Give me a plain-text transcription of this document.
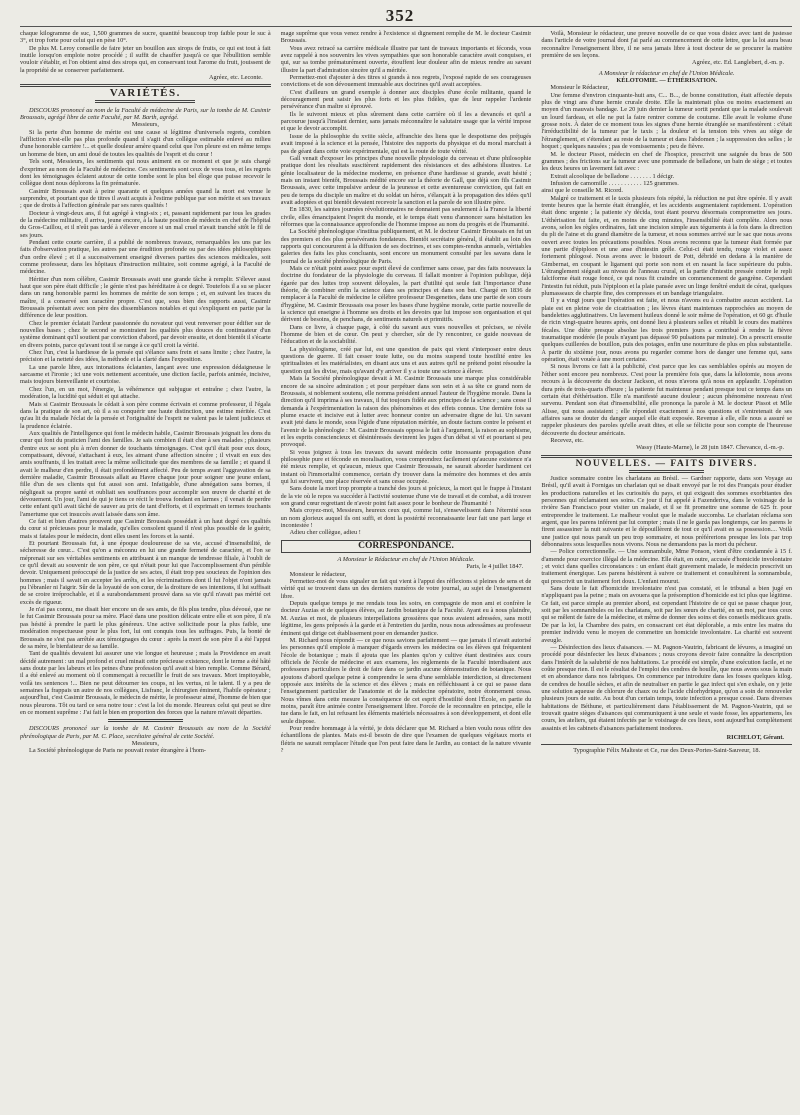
352

chaque kilogramme de suc, 1,500 grammes de sucre, quantité beaucoup trop faible pour le suc à 3°, et trop forte pour celui qui en pèse 10°.

De plus M. Leroy conseille de faire jeter un bouillon aux sirops de fruits, ce qui est tout à fait inutile lorsqu'on emploie notre procédé ; il suffit de chauffer jusqu'à ce que l'ébullition semble vouloir s'établir, et l'on obtient ainsi des sirops qui, en conservant tout l'arome du fruit, jouissent de la propriété de se conserver parfaitement.

Agréez, etc. Leconte.
VARIÉTÉS.

DISCOURS prononcé au nom de la Faculté de médecine de Paris, sur la tombe de M. Casimir Broussais, agrégé libre de cette Faculté, par M. Barth, agrégé.

Messieurs,

Si la perte d'un homme de mérite est une cause si légitime d'universels regrets, combien l'affliction n'est-elle pas plus profonde quand il s'agit d'un collègue estimable enlevé au milieu d'une honorable carrière !... et quelle douleur amère quand celui que l'on pleure est en même temps un homme de bien, un ami doué de toutes les qualités de l'esprit et du cœur !

Tels sont, Messieurs, les sentiments qui nous animent en ce moment et que je suis chargé d'exprimer au nom de la Faculté de médecine. Ces sentiments sont ceux de vous tous, et les regrets dont les témoignages éclatent autour de cette tombe sont le plus bel éloge que puisse recevoir le collègue dont nous déplorons la fin prématurée.

Casimir Broussais avait à peine quarante et quelques années quand la mort est venue le surprendre, et pourtant que de titres il avait acquis à l'estime publique par son mérite et ses travaux ; que de droits à l'affection générale par ses rares qualités !

Docteur à vingt-deux ans, il fut agrégé à vingt-six ; et, passant rapidement par tous les grades de la médecine militaire, il arriva, jeune encore, à la haute position de médecin en chef de l'hôpital du Gros-Caillou, et il n'eût pas tardé à s'élever encore si un mal cruel n'avait tranché sitôt le fil de ses jours.

Pendant cette courte carrière, il a publié de nombreux travaux, remarquables les uns par les faits d'observation pratique, les autres par une érudition profonde ou par des idées philosophiques d'un ordre élevé ; et il a successivement enseigné diverses parties des sciences médicales, soit comme professeur, dans les hôpitaux d'instruction militaire, soit comme agrégé, à la Faculté de médecine.

Héritier d'un nom célèbre, Casimir Broussais avait une grande tâche à remplir. S'élever aussi haut que son père était difficile ; le génie n'est pas héréditaire à ce degré. Toutefois il a su se placer dans un rang honorable parmi les hommes de mérite de son temps ; et, en suivant les traces du maître, il a conservé son caractère propre. C'est que, sous bien des rapports aussi, Casimir Broussais présentait avec son père des dissemblances notables et qui s'expliquent en partie par la différence de leur position.

Chez le premier éclatait l'ardeur passionnée du novateur qui veut renverser pour édifier sur de nouvelles bases ; chez le second se montraient les qualités plus douces du continuateur d'un système dominant qu'il soutient par conviction d'abord, par devoir ensuite, et dont bientôt il s'écarte en divers points, parce qu'avant tout il se range à ce qu'il croit la vérité.

Chez l'un, c'est la hardiesse de la pensée qui s'élance sans frein et sans limite ; chez l'autre, la précision et la netteté des idées, la méthode et la clarté dans l'exposition.

La une parole libre, aux intonations éclatantes, lançant avec une expression dédaigneuse le sarcasme et l'ironie ; ici une voix nettement accentuée, une diction facile, parfois animée, incisive, mais toujours bienveillante et courtoise.

Chez l'un, en un mot, l'énergie, la véhémence qui subjugue et entraîne ; chez l'autre, la modération, la lucidité qui séduit et qui attache.

Mais si Casimir Broussais le cédait à son père comme écrivain et comme professeur, il l'égala dans la pratique de son art, où il a su conquérir une haute distinction, une estime méritée. C'est qu'au lit du malade l'éclat de la pensée et l'originalité de l'esprit ne valent pas le talent judicieux et la prudence éclairée.

Aux qualités de l'intelligence qui font le médecin habile, Casimir Broussais joignait les dons du cœur qui font du praticien l'ami des familles. Je sais combien il était cher à ses malades ; plusieurs d'entre eux se sont plu à m'en donner de touchants témoignages. C'est qu'il était pour eux doux, compatissant, dévoué, s'attachant à eux, les aimant d'une affection sincère ; il vivait en eux des amis souffrants, il les traitait avec la même sollicitude que des membres de sa famille ; et quand il avait le malheur d'en perdre, il était profondément affecté. Peu de temps avant l'aggravation de sa dernière maladie, Casimir Broussais allait au Havre chaque jour pour soigner une jeune enfant, fille d'un de ses clients qui fut aussi son ami. Infatigable, d'une abnégation sans bornes, il négligeait sa propre santé et oubliait ses souffrances pour accomplir son œuvre de charité et de dévouement. Un jour, l'ami de qui je tiens ce récit le trouva fondant en larmes ; il venait de perdre cette enfant qu'il avait tâché de sauver au prix de tant d'efforts, et il exprimait en termes touchants l'amertume que cet insuccès avait laissée dans son âme.

Ce fait et bien d'autres prouvent que Casimir Broussais possédait à un haut degré ces qualités du cœur si précieuses pour le malade, qu'elles consolent quand il n'est plus possible de le guérir, mais si fatales pour le médecin, dont elles usent les forces et la santé.

Et pourtant Broussais fut, à une époque douloureuse de sa vie, accusé d'insensibilité, de sécheresse de cœur... C'est qu'on a méconnu en lui une grande fermeté de caractère, et l'on se méprenait sur ses véritables sentiments en attribuant à un manque de tendresse filiale, à l'oubli de ce qu'il devait au souvenir de son père, ce qui n'était pour lui que l'accomplissement d'un pénible devoir. Uniquement préoccupé de la justice de ses actes, il était trop peu soucieux de l'opinion des hommes ; mais il savait en accepter les arrêts, et les récriminations dont il fut l'objet n'ont jamais pu l'ébranler ni l'aigrir. Sûr de la loyauté de son cœur, de la droiture de ses intentions, il lui suffisait de se croire irréprochable, et il a surabondamment prouvé dans sa vie qu'il n'avait pas mérité cet excès de rigueur.

Je n'ai pas connu, me disait hier encore un de ses amis, de fils plus tendre, plus dévoué, que ne le fut Casimir Broussais pour sa mère. Placé dans une position délicate entre elle et son père, il n'a pas hésité à prendre le parti le plus généreux. Une active sollicitude pour la plus faible, une modération respectueuse pour le plus fort, lui ont conquis tous les suffrages. Puis, la bonté de Broussais ne s'est pas arrêtée aux témoignages du cœur : après la mort de son père il a été l'appui de sa mère, le bienfaiteur de sa famille.

Tant de qualités devaient lui assurer une vie longue et heureuse ; mais la Providence en avait décidé autrement : un mal profond et cruel minait cette précieuse existence, dont le terme a été hâté sans doute par les labeurs et les peines d'une profession qu'il avait si bien remplie. Comme Bérard, il a été enlevé au moment où il commençait à recueillir le fruit de ses travaux. Mort impitoyable, voilà tes sentences !... Bien ne peut détourner tes coups, ni les vertus, ni le talent. Il y a peu de semaines la frappais un autre de nos collègues, Lisfranc, le chirurgien éminent, l'habile opérateur ; aujourd'hui, c'est Casimir Broussais, le médecin de mérite, le professeur aimé, l'homme de bien que nous pleurons. Tôt ou tard ce sera notre tour : c'est la loi du monde. Heureux celui qui peut se dire en ce moment suprême : J'ai fait le bien en proportion des forces que la nature m'avait départies.

DISCOURS prononcé sur la tombe de M. Casimir Broussais au nom de la Société phrénologique de Paris, par M. C. Place, secrétaire général de cette Société.

Messieurs,

La Société phrénologique de Paris ne pouvait rester étrangère à l'hom-

mage suprême que vous venez rendre à l'existence si dignement remplie de M. le docteur Casimir Broussais.

Vous avez retracé sa carrière médicale illustre par tant de travaux importants et féconds, vous avez rappelé à nos souvenirs les vives sympathies que son honorable caractère avait conquises, et qui, sur sa tombe prématurément ouverte, étouffent leur douleur afin de mieux rendre au savant illustre la part d'admiration sincère qu'il a méritée.

Permettez-moi d'ajouter à des titres si grands à nos regrets, l'exposé rapide de ses courageuses convictions et de son dévouement immuable aux doctrines qu'il avait acceptées.

C'est d'ailleurs un grand exemple à donner aux disciples d'une école militante, quand le découragement peut saisir les plus forts et les plus fidèles, que de leur rappeler l'ardente persévérance d'un maître si éprouvé.

Ils le suivront mieux et plus sûrement dans cette carrière où il les a devancés et qu'il a parcourue jusqu'à l'instant dernier, sans jamais méconnaître le salutaire usage que la vérité impose et que le devoir accomplit.

Issue de la philosophie du xviiie siècle, affranchie des liens que le despotisme des préjugés avait imposé à la science et la pensée, l'histoire des rapports du physique et du moral marchait à pas de géant dans cette voie expérimentale, qui est la route de toute vérité.

Gall venait d'exposer les principes d'une nouvelle physiologie du cerveau et d'une philosophie pratique dont les résultats suscitèrent rapidement des résistances et des adhésions illustres. Le génie localisateur de la médecine moderne, en présence d'une hardiesse si grande, avait hésité ; mais un instant bientôt, Broussais médité encore sur la théorie de Gall, que déjà son fils Casimir Broussais, avec cette impulsive ardeur de la jeunesse et cette aventureuse conviction, qui fait en peu de temps du disciple un maître et du soldat un héros, s'élançait à la propagation des idées qu'il avait adoptées et qui bientôt devaient recevoir la sanction et la parole de son illustre père.

En 1830, les saintes journées révolutionnaires ne donnaient pas seulement à la France la liberté civile, elles émancipaient l'esprit du monde, et le temps était venu d'annoncer sans hésitation les réformes que la connaissance approfondie de l'homme impose au nom du progrès et de l'humanité.

La Société phrénologique s'institua publiquement, et M. le docteur Casimir Broussais en fut un des premiers et des plus persévérants fondateurs. Bientôt secrétaire général, il établit au loin des rapports qui concoururent à la diffusion de ses doctrines, et ses comptes-rendus annuels, véritables galeries des faits les plus concluants, sont encore un monument consulté par les savans dans le journal de la société phrénologique de Paris.

Mais ce n'était point assez pour esprit élevé de confirmer sans cesse, par des faits nouveaux la doctrine du fondateur de la physiologie du cerveau. Il fallait montrer à l'opinion publique, déjà égarée par des luttes trop souvent déloyales, la part d'utilité qui seule fait l'importance d'une théorie, de combiner enfin la science dans ses principes et dans son but. Chargé en 1836 de remplacer à la Faculté de médecine le célèbre professeur Desgenettes, dans une partie de son cours d'hygiène, M. Casimir Broussais osa poser les bases d'une hygiène morale, cette partie nouvelle de la science qui enseigne à l'homme ses droits et les devoirs que lui impose son organisation et qui dérivent de besoins, de penchans, de sentiments naturels et primitifs.

Dans ce livre, à chaque page, à côté du savant aux vues nouvelles et précises, se révèle l'homme de bien et de cœur. On peut y chercher, sûr de l'y rencontrer, ce guide nouveau de l'éducation et de la sociabilité.

La physiologisme, créé par lui, est une question de paix qui vient s'interposer entre deux questions de guerre. Il fait cesser toute lutte, ou du moins suspend toute hostilité entre les spiritualistes et les matérialistes, en disant aux uns et aux autres qu'il ne prétend point résoudre la question qui les divise, mais qu'avant d'y arriver il y a toute une science à élever.

Mais la Société phrénologique devait à M. Casimir Broussais une marque plus considérable encore de sa sincère admiration ; et pour perpétuer dans son sein et à sa tête ce grand nom de Broussais, si noblement soutenu, elle nomma président annuel l'auteur de l'hygiène morale. Dans la direction qu'il imprima à ses travaux, il fut toujours fidèle aux principes de la science ; sans cesse il demanda à l'expérimentation la raison des phénomènes et des effets connus. Une dernière fois sa plume exacte et incisive eut à lutter avec honneur contre un adversaire digne de lui. Un savant avait jeté dans le monde, sous l'égide d'une réputation méritée, un doute factum contre le présent et l'avenir de la phrénologie : M. Casimir Broussais opposa le fait à l'argument, la raison au sophisme, et les esprits consciencieux et désintéressés devinrent les juges d'un débat si vif et pourtant si peu provoqué.

Si vous joignez à tous les travaux du savant médecin cette incessante propagation d'une philosophie pure et féconde en moralisation, vous comprendrez facilement qu'aucune existence n'a été mieux remplie, et qu'aucun, mieux que Casimir Broussais, ne saurait aborder hardiment cet instant où l'immortalité commence, certain d'y trouver dans la mémoire des hommes et des amis qui lui survivent, une place réservée et sans cesse occupée.

Sans doute la mort trop prompte a tranché des jours si précieux, la mort qui le frappe à l'instant de la vie où le repos va succéder à l'activité soutenue d'une vie de travail et de combat, a dû trouver son grand cœur regrettant de n'avoir point fait assez pour le bonheur de l'humanité !

Mais croyez-moi, Messieurs, heureux ceux qui, comme lui, s'ensevelissent dans l'éternité sous un nom glorieux auquel ils ont suffi, et dont la postérité reconnaissante leur fait une part large et incontestée !

Adieu cher collègue, adieu !

CORRESPONDANCE.

A Monsieur le Rédacteur en chef de l'Union Médicale.

Paris, le 4 juillet 1847.

Monsieur le rédacteur,

Permettez-moi de vous signaler un fait qui vient à l'appui des réflexions si pleines de sens et de vérité qui se trouvent dans un des derniers numéros de votre journal, au sujet de l'enseignement libre.

Depuis quelque temps je me rendais tous les soirs, en compagnie de mon ami et confrère le docteur Auzias et de quelques élèves, au Jardin botanique de la Faculté. Ayant eu à nous plaindre, M. Auzias et moi, de plusieurs interpellations grossières que nous avaient adressées, sans motif légitime, les gens préposés à la garde et à l'entretien du jardin, nous nous adressâmes au professeur éminent qui dirige cet établissement pour en demander justice.

M. Richard nous répondit — ce que nous savions parfaitement — que jamais il n'avait autorisé les personnes qu'il emploie à manquer d'égards envers les médecins ou les élèves qui fréquentent l'école de botanique ; mais il ajouta que les plantes qu'on y cultive étant destinées aux cours officiels de l'école de médecine et aux examens, les règlements de la Faculté interdisaient aux professeurs particuliers le droit de faire dans ce jardin aucune démonstration de botanique. Nous ajoutons d'abord quelque peine à comprendre le sens d'une semblable interdiction, si directement opposée aux intérêts de la science et des élèves ; mais en réfléchissant à ce qui se passe dans l'enseignement particulier de l'anatomie et de la médecine opératoire, notre étonnement cessa. Nous vîmes dans cette mesure la conséquence de cet esprit d'hostilité dont l'École, en partie du moins, paraît être animée contre l'enseignement libre. Forcée de le reconnaître en principe, elle le tue dans le fait, en lui refusant les éléments matériels nécessaires à son développement, et dont elle seule dispose.

Pour rendre hommage à la vérité, je dois déclarer que M. Richard a bien voulu nous offrir des échantillons de plantes. Mais est-il besoin de dire que l'examen de quelques végétaux morts et flétris ne saurait remplacer l'étude que l'on peut faire dans le Jardin, au contact de la nature vivante ?

Voilà, Monsieur le rédacteur, une preuve nouvelle de ce que vous disiez avec tant de justesse dans l'article de votre journal dont j'ai parlé au commencement de cette lettre, que la loi aura beau reconnaître l'enseignement libre, il ne sera jamais libre à tout docteur de se procurer la matière première de ses leçons.

Agréez, etc. Ed. Langlebert, d.-m. p.

A Monsieur le rédacteur en chef de l'Union Médicale.

KÉLOTOMIE. — ÉTHÉRISATION.

Monsieur le Rédacteur,

Une femme d'environ cinquante-huit ans, C... B..., de bonne constitution, était affectée depuis plus de vingt ans d'une hernie crurale droite. Elle la maintenait plus ou moins exactement au moyen d'un mauvais bandage. Le 20 juin dernier la tumeur sortit pendant que la malade soulevait un lourd fardeau, et elle ne put la faire rentrer comme de coutume. Elle avait le volume d'une grosse noix. À dater de ce moment tous les signes d'une hernie étranglée se manifestèrent : c'était l'irréductibilité de la tumeur par le taxis ; la douleur et la tension très vives au siège de l'étranglement, et s'étendant au reste de la tumeur et dans l'abdomen ; la suppression des selles ; le hoquet ; quelques nausées ; pas de vomissements ; peu de fièvre.

M. le docteur Pissot, médecin en chef de l'hospice, prescrivit une saignée du bras de 500 grammes ; des frictions sur la tumeur avec une pommade de belladone, un bain de siège ; et toutes les deux heures un lavement fait avec :

Extrait alcoolique de belladone . . . . . . . 1 décigr.

Infusion de camomille . . . . . . . . . . . 125 grammes.

ainsi que le conseille M. Ricord.

Malgré ce traitement et le taxis plusieurs fois répété, la réduction ne put être opérée. Il y avait trente heures que la hernie était étranglée, et les accidents augmentaient rapidement. L'opération était donc urgente ; la patiente s'y décida, tout étant pourvu désormais compromettre ses jours. L'éthérisation fut faite, et, en moins de cinq minutes, l'insensibilité était complète. Alors nous avons, selon les règles ordinaires, fait une incision simple aux téguments à la fois dans la direction du pli de l'aine et du grand diamètre de la tumeur, et nous sommes arrivé sur le sac que nous avons ouvert avec toutes les précautions possibles. Nous avons reconnu que la tumeur était formée par une partie d'épiploon et une anse d'intestin grêle. Celui-ci était tendu, rouge violet et assez fortement phlogosé. Nous avons avec le bistouri de Pott, débridé en dedans à la manière de Gimbernat, en coupant le ligament qui porte son nom et en rasant la face supérieure du pubis. L'étranglement siégeait au niveau de l'anneau crural, et la partie d'intestin pressée contre le repli falciforme était rouge foncé, ce qui nous fit craindre un commencement de gangrène. Cependant l'intestin fut réduit, puis l'épiploon et la plaie pansée avec un linge fenêtré enduit de cérat, quelques plumasseaux de charpie fine, des compresses et un bandage triangulaire.

Il y a vingt jours que l'opération est faite, et nous n'avons eu à combattre aucun accident. La plaie est en pleine voie de cicatrisation ; les lèvres étant maintenues rapprochées au moyen de bandelettes agglutinatives. Un lavement huileux donné le soir même de l'opération, et 60 gr. d'huile de ricin vingt-quatre heures après, ont donné lieu à plusieurs selles et rétabli le cours des matières fécales. Une diète presque absolue les trois premiers jours a contribué à rendre la fièvre traumatique modérée (le pouls n'ayant pas dépassé 90 pulsations par minute). On a prescrit ensuite quelques cuillerées de bouillon, puis des potages, enfin une nourriture de plus en plus substantielle. À partir du sixième jour, nous avons pu regarder comme hors de danger une femme qui, sans opération, était vouée à une mort certaine.

Si nous livrons ce fait à la publicité, c'est parce que les cas semblables opérés au moyen de l'éther sont encore peu nombreux. C'est pour la première fois que, dans la kélotomie, nous avons recours à la découverte du docteur Jackson, et nous n'avons qu'à nous en applaudir. L'opération dura près de trois-quarts d'heure ; la patiente fut maintenue pendant presque tout ce temps dans un certain état d'éthérisation. Elle n'a manifesté aucune douleur ; aucun phénomène nouveau n'est survenu. Pendant son état d'insensibilité, elle prononça la parole à M. le docteur Pissot et Mlle Alisse, qui nous assistaient ; elle répondait exactement à nos questions et s'entretenait de ses affaires sans se douter du danger auquel elle était exposée. Revenue à elle, elle nous a assuré se rappeler plusieurs des paroles qu'elle avait dites, et elle se félicite pour son compte de l'heureuse découverte du docteur américain.

Recevez, etc.

Wassy (Haute-Marne), le 28 juin 1847. Chevance, d.-m.-p.
NOUVELLES. — FAITS DIVERS.

Justice sommaire contre les charlatans au Brésil. — Gardner rapporte, dans son Voyage au Brésil, qu'il avait à Fornigas un charlatan qui se disait envoyé par le roi des Français pour étudier les productions naturelles et les curiosités du pays, et qui exigeait des sommes exorbitantes des personnes qui réclamaient ses soins. Ce jour il fut appelé à Fazenderiva, dans le voisinage de la rivière San Francisco pour visiter un malade, et il se fit promettre une somme de 625 fr. pour entreprendre le traitement. Le malheur voulut que le malade succomba. Le charlatan réclama son argent, que les parens inférent par lui compter ; mais il ne le garda pas longtemps, car les parens le firent assassiner la nuit suivante et le dépouillèrent de tout ce qu'il avait en sa possession.... Voilà une justice qui nous paraît un peu trop sommaire, et nous préférerions presque les lois par trop débonnaires sous lesquelles nous vivons. Nous ne demandons pas la mort du pécheur.

— Police correctionnelle. — Une somnambule, Mme Ponson, vient d'être condamnée à 15 f. d'amende pour exercice illégal de la médecine. Elle était, en outre, accusée d'homicide involontaire ; et voici dans quelles circonstances : un enfant était gravement malade, le médecin prescrivit un traitement énergique. Les parens hésitèrent à suivre ce traitement et consultèrent la somnambule, qui prescrivit un traitement fort doux. L'enfant mourut.

Sans doute le fait d'homicide involontaire n'est pas constaté, et le tribunal a bien jugé en n'appliquant pas la peine ; mais on avouera que la présomption d'homicide est ici plus que légitime. Ce fait, est parce simple au premier abord, est cependant l'histoire de ce qui se passe chaque jour, soit par les somnambules ou les charlatans, soit par les sœurs de charité, en un mot, par tous ceux qui se mêlent de faire de la médecine, et même de donner des soins et des conseils médicaux gratis. De par la loi, la Chambre des pairs, en consacrant cet état déplorable, a mis entre les mains du premier individu venu le moyen de commettre un homicide involontaire. La charité est souvent aveugle.

— Désinfection des lieux d'aisances. — M. Pagnon-Vautrin, fabricant de lévures, a imaginé un procédé pour désinfecter les lieux d'aisances ; nous croyons devoir faire connaître la description dans l'intérêt de la salubrité de nos habitations. Le procédé est simple, d'une exécution facile, et ne coûte presque rien. Il est le résultat de l'emploi des cendres de houille, que nous avons sous la main et en abondance dans nos fabriques. On commence par introduire dans les fosses quelques kilog. de cendres de houille sèches, et afin de neutraliser en partie le gaz infect qui s'en exhale, on y jette une solution aqueuse de chlorure de chaux ou de l'acide chlorhydrique, qu'on a soin de renouveler plusieurs jours de suite. Au bout d'un certain temps, toute infection a presque cessé. Dans diverses habitations de Béthune, et particulièrement dans l'établissement de M. Pagnon-Vautrin, qui se trouvait quatre sièges d'aisances qui communiquent à une seule et vaste fosse, les appartemens, les cours, les ateliers, qui étaient infectés par le voisinage de ces lieux, sont aujourd'hui complètement assainis et les cabinets d'aisances parfaitement inodores.

RICHELOT, Gérant.
Typographie Félix Malteste et Ce, rue des Deux-Portes-Saint-Sauveur, 18.
